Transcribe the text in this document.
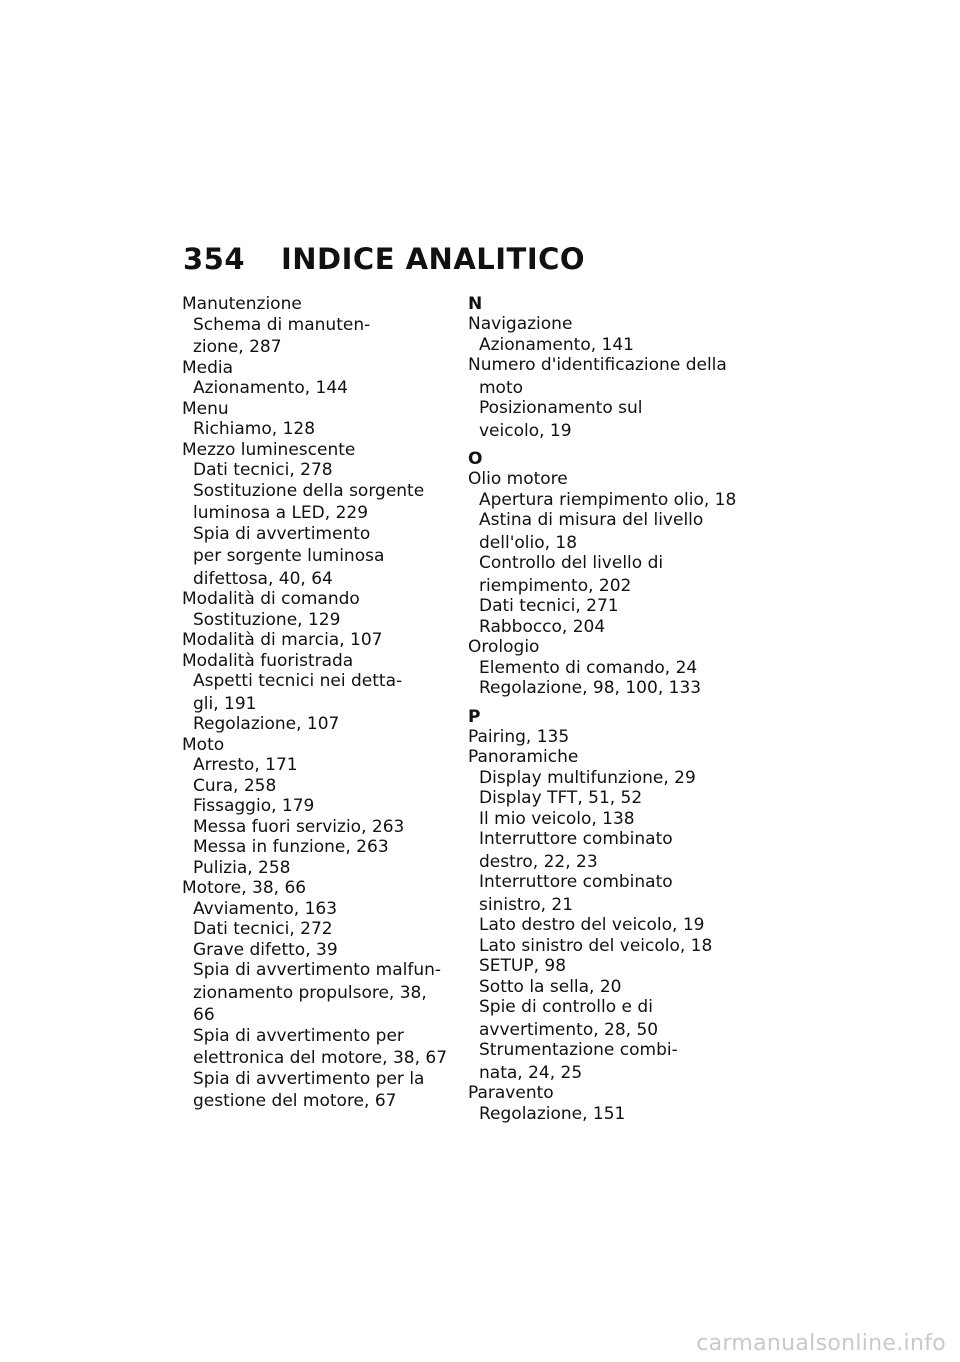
354 INDICE ANALITICO
Manutenzione
Schema di manuten-
zione, 287
Media
Azionamento, 144
Menu
Richiamo, 128
Mezzo luminescente
Dati tecnici, 278
Sostituzione della sorgente
luminosa a LED, 229
Spia di avvertimento
per sorgente luminosa
difettosa, 40, 64
Modalità di comando
Sostituzione, 129
Modalità di marcia, 107
Modalità fuoristrada
Aspetti tecnici nei detta-
gli, 191
Regolazione, 107
Moto
Arresto, 171
Cura, 258
Fissaggio, 179
Messa fuori servizio, 263
Messa in funzione, 263
Pulizia, 258
Motore, 38, 66
Avviamento, 163
Dati tecnici, 272
Grave difetto, 39
Spia di avvertimento malfun-
zionamento propulsore, 38,
66
Spia di avvertimento per
elettronica del motore, 38, 67
Spia di avvertimento per la
gestione del motore, 67
N
Navigazione
Azionamento, 141
Numero d'identificazione della
moto
Posizionamento sul
veicolo, 19
O
Olio motore
Apertura riempimento olio, 18
Astina di misura del livello
dell'olio, 18
Controllo del livello di
riempimento, 202
Dati tecnici, 271
Rabbocco, 204
Orologio
Elemento di comando, 24
Regolazione, 98, 100, 133
P
Pairing, 135
Panoramiche
Display multifunzione, 29
Display TFT, 51, 52
Il mio veicolo, 138
Interruttore combinato
destro, 22, 23
Interruttore combinato
sinistro, 21
Lato destro del veicolo, 19
Lato sinistro del veicolo, 18
SETUP, 98
Sotto la sella, 20
Spie di controllo e di
avvertimento, 28, 50
Strumentazione combi-
nata, 24, 25
Paravento
Regolazione, 151
carmanualsonline.info
